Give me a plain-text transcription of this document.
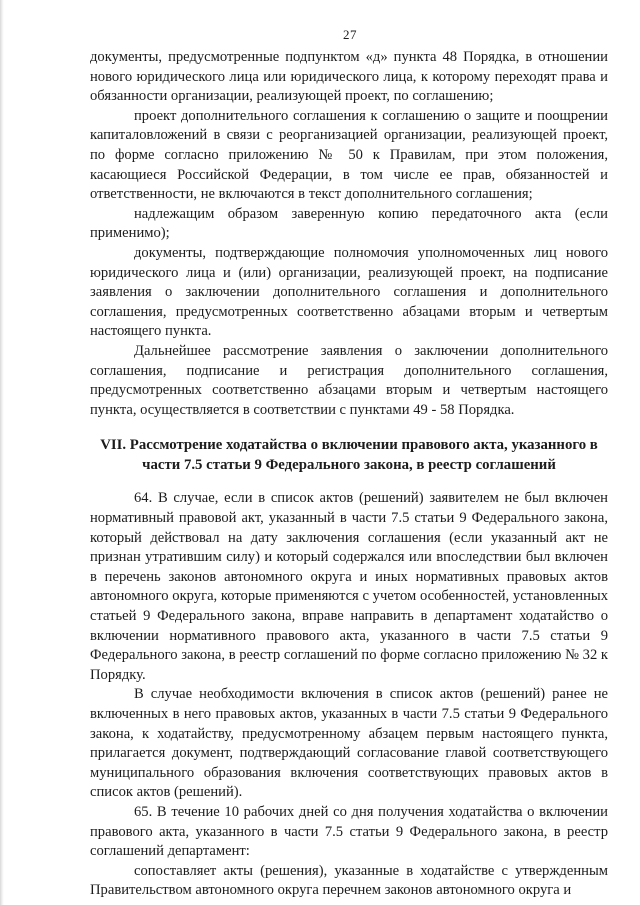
27

документы, предусмотренные подпунктом «д» пункта 48 Порядка, в отношении нового юридического лица или юридического лица, к которому переходят права и обязанности организации, реализующей проект, по соглашению;

проект дополнительного соглашения к соглашению о защите и поощрении капиталовложений в связи с реорганизацией организации, реализующей проект, по форме согласно приложению № 50 к Правилам, при этом положения, касающиеся Российской Федерации, в том числе ее прав, обязанностей и ответственности, не включаются в текст дополнительного соглашения;

надлежащим образом заверенную копию передаточного акта (если применимо);

документы, подтверждающие полномочия уполномоченных лиц нового юридического лица и (или) организации, реализующей проект, на подписание заявления о заключении дополнительного соглашения и дополнительного соглашения, предусмотренных соответственно абзацами вторым и четвертым настоящего пункта.

Дальнейшее рассмотрение заявления о заключении дополнительного соглашения, подписание и регистрация дополнительного соглашения, предусмотренных соответственно абзацами вторым и четвертым настоящего пункта, осуществляется в соответствии с пунктами 49 - 58 Порядка.

VII. Рассмотрение ходатайства о включении правового акта, указанного в части 7.5 статьи 9 Федерального закона, в реестр соглашений

64. В случае, если в список актов (решений) заявителем не был включен нормативный правовой акт, указанный в части 7.5 статьи 9 Федерального закона, который действовал на дату заключения соглашения (если указанный акт не признан утратившим силу) и который содержался или впоследствии был включен в перечень законов автономного округа и иных нормативных правовых актов автономного округа, которые применяются с учетом особенностей, установленных статьей 9 Федерального закона, вправе направить в департамент ходатайство о включении нормативного правового акта, указанного в части 7.5 статьи 9 Федерального закона, в реестр соглашений по форме согласно приложению № 32 к Порядку.

В случае необходимости включения в список актов (решений) ранее не включенных в него правовых актов, указанных в части 7.5 статьи 9 Федерального закона, к ходатайству, предусмотренному абзацем первым настоящего пункта, прилагается документ, подтверждающий согласование главой соответствующего муниципального образования включения соответствующих правовых актов в список актов (решений).

65. В течение 10 рабочих дней со дня получения ходатайства о включении правового акта, указанного в части 7.5 статьи 9 Федерального закона, в реестр соглашений департамент:

сопоставляет акты (решения), указанные в ходатайстве с утвержденным Правительством автономного округа перечнем законов автономного округа и
